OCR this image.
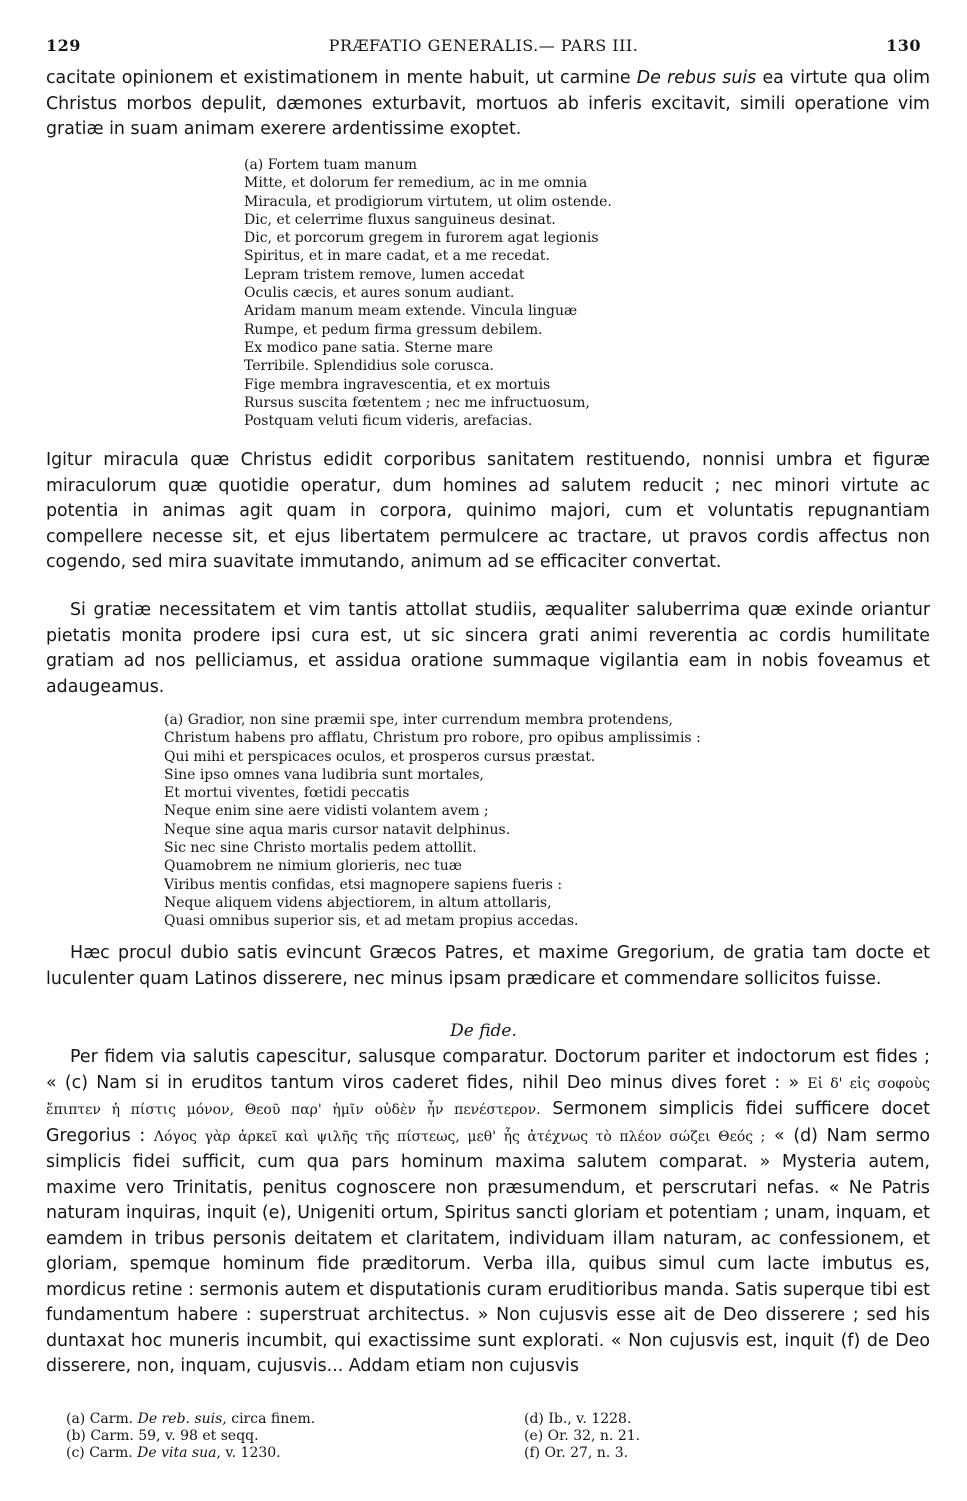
129	PRÆFATIO GENERALIS.— PARS III.	130

cacitate opinionem et existimationem in mente habuit, ut carmine De rebus suis ea virtute qua olim Christus morbos depulit, dæmones exturbavit, mortuos ab inferis excitavit, simili operatione vim gratiæ in suam animam exerere ardentissime exoptet.

(a) Fortem tuam manum
Mitte, et dolorum fer remedium, ac in me omnia
Miracula, et prodigiorum virtutem, ut olim ostende.
Dic, et celerrime fluxus sanguineus desinat.
Dic, et porcorum gregem in furorem agat legionis
Spiritus, et in mare cadat, et a me recedat.
Lepram tristem remove, lumen accedat
Oculis cæcis, et aures sonum audiant.
Aridam manum meam extende. Vincula linguæ
Rumpe, et pedum firma gressum debilem.
Ex modico pane satia. Sterne mare
Terribile. Splendidius sole corusca.
Fige membra ingravescentia, et ex mortuis
Rursus suscita fœtentem ; nec me infructuosum,
Postquam veluti ficum videris, arefacias.

Igitur miracula quæ Christus edidit corporibus sanitatem restituendo, nonnisi umbra et figuræ miraculorum quæ quotidie operatur, dum homines ad salutem reducit ; nec minori virtute ac potentia in animas agit quam in corpora, quinimo majori, cum et voluntatis repugnantiam compellere necesse sit, et ejus libertatem permulcere ac tractare, ut pravos cordis affectus non cogendo, sed mira suavitate immutando, animum ad se efficaciter convertat.

Si gratiæ necessitatem et vim tantis attollat studiis, æqualiter saluberrima quæ exinde oriantur pietatis monita prodere ipsi cura est, ut sic sincera grati animi reverentia ac cordis humilitate gratiam ad nos pelliciamus, et assidua oratione summaque vigilantia eam in nobis foveamus et adaugeamus.

(a) Gradior, non sine præmii spe, inter currendum membra protendens,
Christum habens pro afflatu, Christum pro robore, pro opibus amplissimis :
Qui mihi et perspicaces oculos, et prosperos cursus præstat.
Sine ipso omnes vana ludibria sunt mortales,
Et mortui viventes, fœtidi peccatis
Neque enim sine aere vidisti volantem avem ;
Neque sine aqua maris cursor natavit delphinus.
Sic nec sine Christo mortalis pedem attollit.
Quamobrem ne nimium glorieris, nec tuæ
Viribus mentis confidas, etsi magnopere sapiens fueris :
Neque aliquem videns abjectiorem, in altum attollaris,
Quasi omnibus superior sis, et ad metam propius accedas.

Hæc procul dubio satis evincunt Græcos Patres, et maxime Gregorium, de gratia tam docte et luculenter quam Latinos disserere, nec minus ipsam prædicare et commendare sollicitos fuisse.

De fide.

Per fidem via salutis capescitur, salusque comparatur. Doctorum pariter et indoctorum est fides ; « (c) Nam si in eruditos tantum viros caderet fides, nihil Deo minus dives foret : » Εἰ δ' εἰς σοφοὺς ἔπιπτεν ἡ πίστις μόνον, Θεοῦ παρ' ἡμῖν οὐδὲν ἦν πενέστερον. Sermonem simplicis fidei sufficere docet Gregorius : Λόγος γὰρ ἀρκεῖ καὶ ψιλῆς τῆς πίστεως, μεθ' ἧς ἀτέχνως τὸ πλέον σώζει Θεός ; « (d) Nam sermo simplicis fidei sufficit, cum qua pars hominum maxima salutem comparat. » Mysteria autem, maxime vero Trinitatis, penitus cognoscere non præsumendum, et perscrutari nefas. « Ne Patris naturam inquiras, inquit (e), Unigeniti ortum, Spiritus sancti gloriam et potentiam ; unam, inquam, et eamdem in tribus personis deitatem et claritatem, individuam illam naturam, ac confessionem, et gloriam, spemque hominum fide præditorum. Verba illa, quibus simul cum lacte imbutus es, mordicus retine : sermonis autem et disputationis curam eruditioribus manda. Satis superque tibi est fundamentum habere : superstruat architectus. » Non cujusvis esse ait de Deo disserere ; sed his duntaxat hoc muneris incumbit, qui exactissime sunt explorati. « Non cujusvis est, inquit (f) de Deo disserere, non, inquam, cujusvis... Addam etiam non cujusvis

(a) Carm. De reb. suis, circa finem.
(b) Carm. 59, v. 98 et seqq.
(c) Carm. De vita sua, v. 1230.
(d) Ib., v. 1228.
(e) Or. 32, n. 21.
(f) Or. 27, n. 3.
